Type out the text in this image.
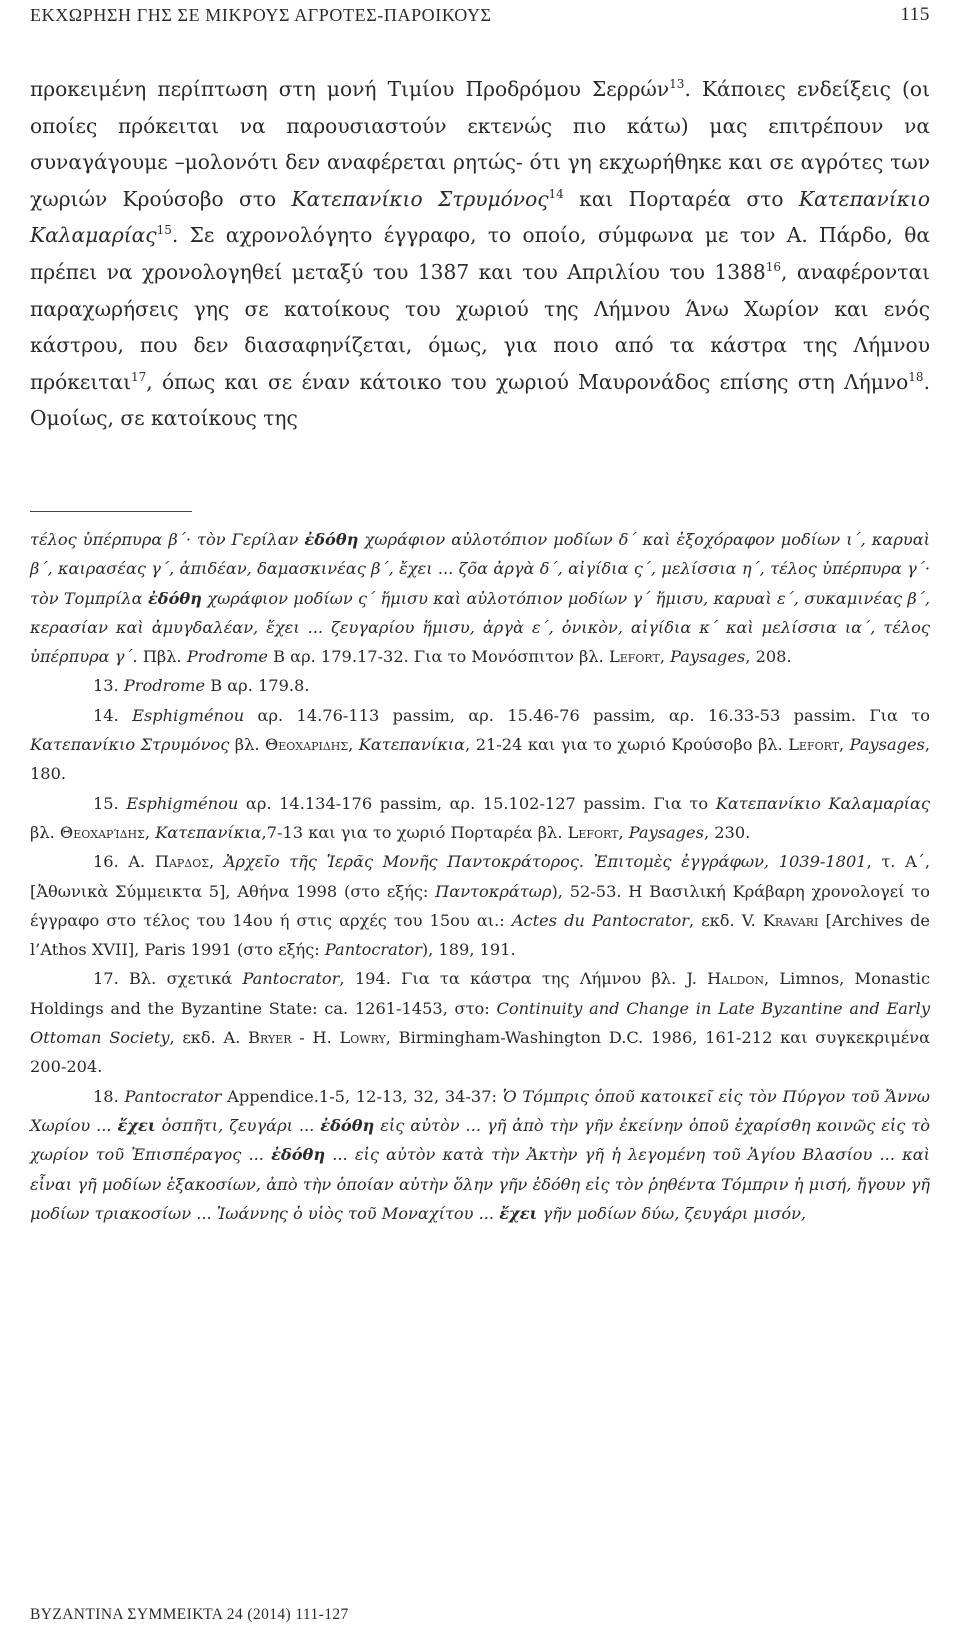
ΕΚΧΩΡΗΣΗ ΓΗΣ ΣΕ ΜΙΚΡΟΥΣ ΑΓΡΟΤΕΣ-ΠΑΡΟΙΚΟΥΣ	115

προκειμένη περίπτωση στη μονή Τιμίου Προδρόμου Σερρών$^{13}$. Κάποιες ενδείξεις (οι οποίες πρόκειται να παρουσιαστούν εκτενώς πιο κάτω) μας επιτρέπουν να συναγάγουμε –μολονότι δεν αναφέρεται ρητώς- ότι γη εκχωρήθηκε και σε αγρότες των χωριών Κρούσοβο στο Κατεπανίκιο Στρυμόνος$^{14}$ και Πορταρέα στο Κατεπανίκιο Καλαμαρίας$^{15}$. Σε αχρονολόγητο έγγραφο, το οποίο, σύμφωνα με τον Α. Πάρδο, θα πρέπει να χρονολογηθεί μεταξύ του 1387 και του Απριλίου του 1388$^{16}$, αναφέρονται παραχωρήσεις γης σε κατοίκους του χωριού της Λήμνου Άνω Χωρίον και ενός κάστρου, που δεν διασαφηνίζεται, όμως, για ποιο από τα κάστρα της Λήμνου πρόκειται$^{17}$, όπως και σε έναν κάτοικο του χωριού Μαυρονάδος επίσης στη Λήμνο$^{18}$. Ομοίως, σε κατοίκους της

τέλος ὑπέρπυρα β΄· τὸν Γερίλαν ἐδόθη χωράφιον αὐλοτόπιον μοδίων δ΄ καὶ ἐξοχόραφον μοδίων ι΄, καρυαὶ β΄, καιρασέας γ΄, ἀπιδέαν, δαμασκινέας β΄, ἔχει ... ζõα ἀργὰ δ΄, αἰγίδια ς΄, μελίσσια η΄, τέλος ὑπέρπυρα γ΄· τὸν Τομπρίλα ἐδόθη χωράφιον μοδίων ς΄ ἥμισυ καὶ αὐλοτόπιον μοδίων γ΄ ἥμισυ, καρυαὶ ε΄, συκαμινέας β΄, κερασίαν καὶ ἀμυγδαλέαν, ἔχει ... ζευγαρίου ἥμισυ, ἀργὰ ε΄, ὀνικὸν, αἰγίδια κ΄ καὶ μελίσσια ια΄, τέλος ὑπέρπυρα γ΄. Πβλ. Prodrome Β αρ. 179.17-32. Για το Μονόσπιτον βλ. Lefort, Paysages, 208.

13. Prodrome Β αρ. 179.8.

14. Esphigménou αρ. 14.76-113 passim, αρ. 15.46-76 passim, αρ. 16.33-53 passim. Για το Κατεπανίκιο Στρυμόνος βλ. Θεοχαριδησ, Κατεπανίκια, 21-24 και για το χωριό Κρούσοβο βλ. Lefort, Paysages, 180.

15. Esphigménou αρ. 14.134-176 passim, αρ. 15.102-127 passim. Για το Κατεπανίκιο Καλαμαρίας βλ. Θεοχαρίδησ, Κατεπανίκια,7-13 και για το χωριό Πορταρέα βλ. Lefort, Paysages, 230.

16. Α. Παρδοσ, Ἀρχεῖο τῆς Ἱερᾶς Μονῆς Παντοκράτορος. Ἐπιτομὲς ἐγγράφων, 1039-1801, τ. Α΄, [Ἀθωνικὰ Σύμμεικτα 5], Αθήνα 1998 (στο εξής: Παντοκράτωρ), 52-53. Η Βασιλική Κράβαρη χρονολογεί το έγγραφο στο τέλος του 14ου ή στις αρχές του 15ου αι.: Actes du Pantocrator, εκδ. V. Kravari [Archives de l’Athos XVII], Paris 1991 (στο εξής: Pantocrator), 189, 191.

17. Βλ. σχετικά Pantocrator, 194. Για τα κάστρα της Λήμνου βλ. J. Haldon, Limnos, Monastic Holdings and the Byzantine State: ca. 1261-1453, στο: Continuity and Change in Late Byzantine and Early Ottoman Society, εκδ. A. Bryer - H. Lowry, Birmingham-Washington D.C. 1986, 161-212 και συγκεκριμένα 200-204.

18. Pantocrator Appendice.1-5, 12-13, 32, 34-37: Ὁ Τόμπρις ὁποῦ κατοικεῖ εἰς τὸν Πύργον τοῦ Ἄννω Χωρίου ... ἔχει ὁσπῆτι, ζευγάρι ... ἐδόθη εἰς αὐτὸν ... γῆ ἀπὸ τὴν γῆν ἐκείνην ὁποῦ ἐχαρίσθη κοινῶς εἰς τὸ χωρίον τοῦ Ἐπισπέραγος ... ἐδόθη ... εἰς αὐτὸν κατὰ τὴν Ἀκτὴν γῆ ἡ λεγομένη τοῦ Ἁγίου Βλασίου ... καὶ εἶναι γῆ μοδίων ἑξακοσίων, ἀπὸ τὴν ὁποίαν αὐτὴν ὅλην γῆν ἐδόθη εἰς τὸν ῥηθέντα Τόμπριν ἡ μισή, ἤγουν γῆ μοδίων τριακοσίων ... Ἰωάννης ὁ υἱὸς τοῦ Μοναχίτου ... ἔχει γῆν μοδίων δύω, ζευγάρι μισόν,

ΒΥΖΑΝΤΙΝΑ ΣΥΜΜΕΙΚΤΑ 24 (2014) 111-127
